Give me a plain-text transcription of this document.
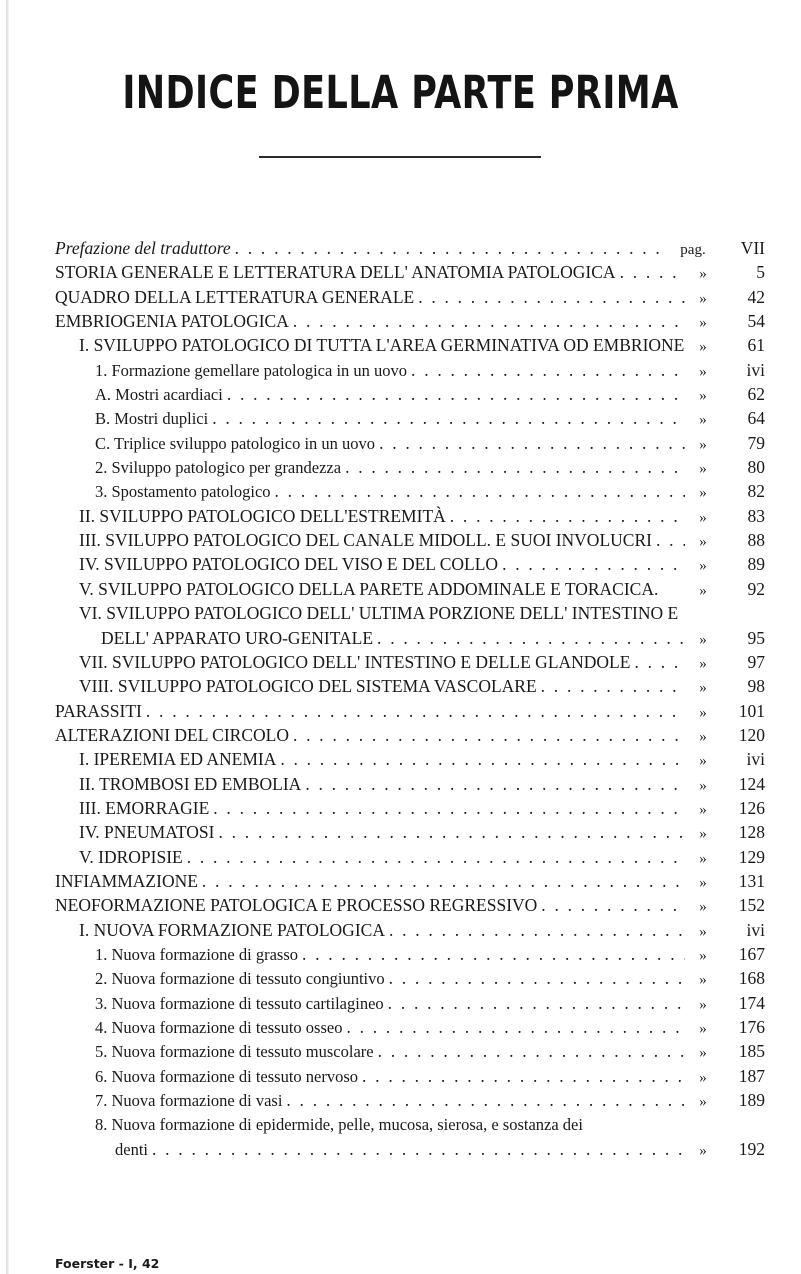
INDICE DELLA PARTE PRIMA
Prefazione del traduttore . . .	pag.	VII
STORIA GENERALE E LETTERATURA DELL' ANATOMIA PATOLOGICA . . .	»	5
QUADRO DELLA LETTERATURA GENERALE . . .	»	42
EMBRIOGENIA PATOLOGICA . . .	»	54
I. SVILUPPO PATOLOGICO DI TUTTA L'AREA GERMINATIVA OD EMBRIONE »	61
1. Formazione gemellare patologica in un uovo . . .	»	ivi
A. Mostri acardiaci . . .	»	62
B. Mostri duplici . . .	»	64
C. Triplice sviluppo patologico in un uovo . . .	»	79
2. Sviluppo patologico per grandezza . . .	»	80
3. Spostamento patologico . . .	»	82
II. SVILUPPO PATOLOGICO DELL'ESTREMITÀ . . .	»	83
III. SVILUPPO PATOLOGICO DEL CANALE MIDOLL. E SUOI INVOLUCRI . . .	»	88
IV. SVILUPPO PATOLOGICO DEL VISO E DEL COLLO . . .	»	89
V. SVILUPPO PATOLOGICO DELLA PARETE ADDOMINALE E TORACICA.	»	92
VI. SVILUPPO PATOLOGICO DELL' ULTIMA PORZIONE DELL' INTESTINO E
DELL' APPARATO URO-GENITALE . . .	»	95
VII. SVILUPPO PATOLOGICO DELL' INTESTINO E DELLE GLANDOLE . . .	»	97
VIII. SVILUPPO PATOLOGICO DEL SISTEMA VASCOLARE . . .	»	98
PARASSITI . . .	»	101
ALTERAZIONI DEL CIRCOLO . . .	»	120
I. IPEREMIA ED ANEMIA . . .	»	ivi
II. TROMBOSI ED EMBOLIA . . .	»	124
III. EMORRAGIE . . .	»	126
IV. PNEUMATOSI . . .	»	128
V. IDROPISIE . . .	»	129
INFIAMMAZIONE . . .	»	131
NEOFORMAZIONE PATOLOGICA E PROCESSO REGRESSIVO . . .	»	152
I. NUOVA FORMAZIONE PATOLOGICA . . .	»	ivi
1. Nuova formazione di grasso . . .	»	167
2. Nuova formazione di tessuto congiuntivo . . .	»	168
3. Nuova formazione di tessuto cartilagineo . . .	»	174
4. Nuova formazione di tessuto osseo . . .	»	176
5. Nuova formazione di tessuto muscolare . . .	»	185
6. Nuova formazione di tessuto nervoso . . .	»	187
7. Nuova formazione di vasi . . .	»	189
8. Nuova formazione di epidermide, pelle, mucosa, sierosa, e sostanza dei
denti . . .	»	192
Foerster - I, 42
